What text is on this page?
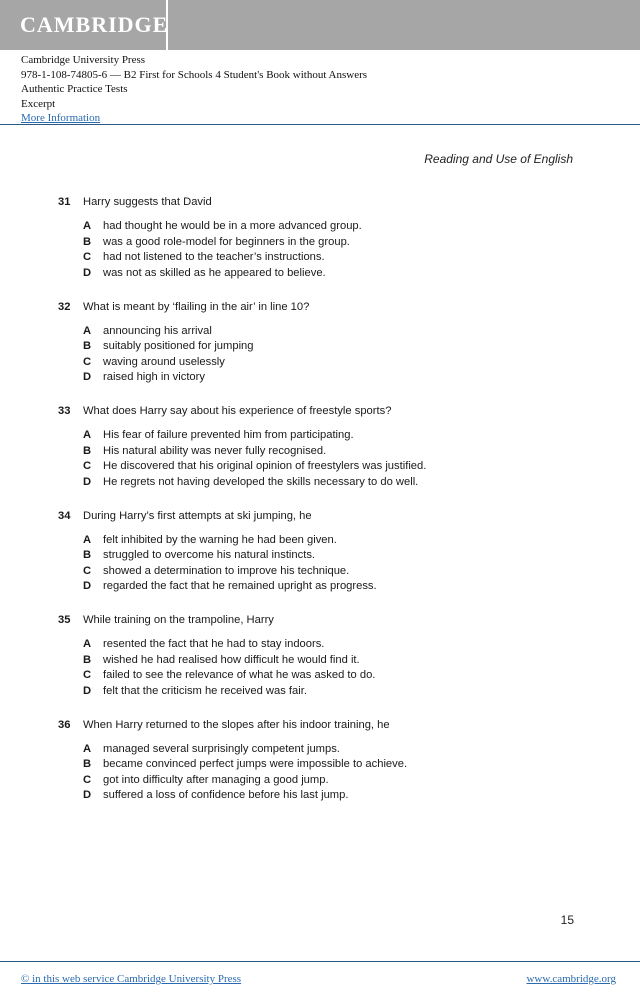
CAMBRIDGE
Cambridge University Press
978-1-108-74805-6 — B2 First for Schools 4 Student's Book without Answers
Authentic Practice Tests
Excerpt
More Information
Reading and Use of English
31	Harry suggests that David
A	had thought he would be in a more advanced group.
B	was a good role-model for beginners in the group.
C	had not listened to the teacher’s instructions.
D	was not as skilled as he appeared to believe.
32	What is meant by ‘flailing in the air’ in line 10?
A	announcing his arrival
B	suitably positioned for jumping
C	waving around uselessly
D	raised high in victory
33	What does Harry say about his experience of freestyle sports?
A	His fear of failure prevented him from participating.
B	His natural ability was never fully recognised.
C	He discovered that his original opinion of freestylers was justified.
D	He regrets not having developed the skills necessary to do well.
34	During Harry’s first attempts at ski jumping, he
A	felt inhibited by the warning he had been given.
B	struggled to overcome his natural instincts.
C	showed a determination to improve his technique.
D	regarded the fact that he remained upright as progress.
35	While training on the trampoline, Harry
A	resented the fact that he had to stay indoors.
B	wished he had realised how difficult he would find it.
C	failed to see the relevance of what he was asked to do.
D	felt that the criticism he received was fair.
36	When Harry returned to the slopes after his indoor training, he
A	managed several surprisingly competent jumps.
B	became convinced perfect jumps were impossible to achieve.
C	got into difficulty after managing a good jump.
D	suffered a loss of confidence before his last jump.
15
© in this web service Cambridge University Press	www.cambridge.org
